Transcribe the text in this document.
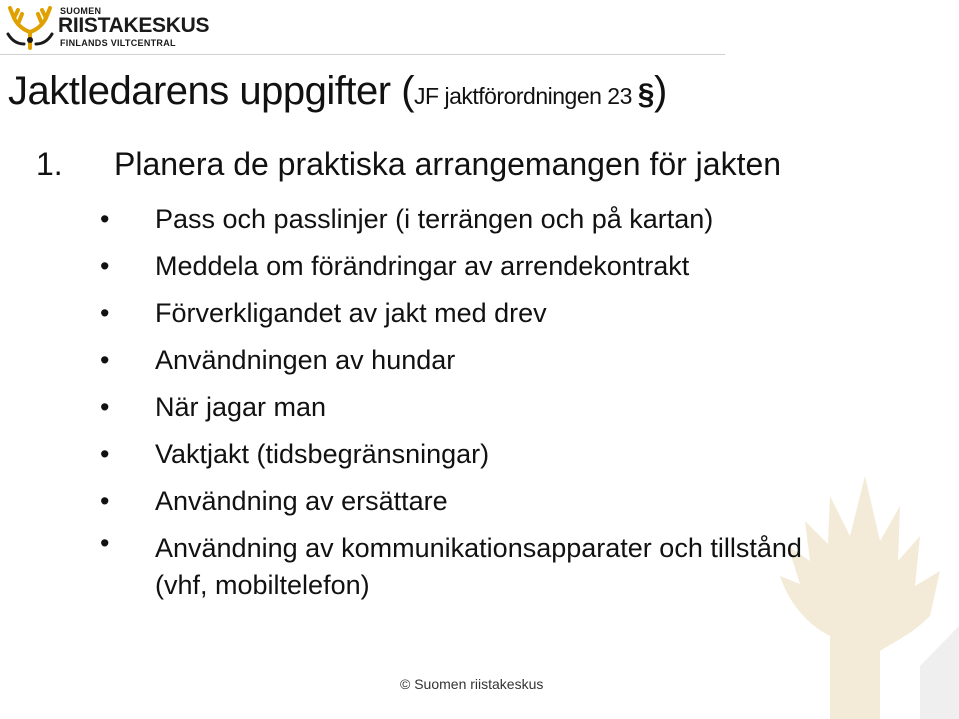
SUOMEN
RIISTAKESKUS
FINLANDS VILTCENTRAL
Jaktledarens uppgifter (JF jaktförordningen 23 §)
1. Planera de praktiska arrangemangen för jakten
• Pass och passlinjer (i terrängen och på kartan)
• Meddela om förändringar av arrendekontrakt
• Förverkligandet av jakt med drev
• Användningen av hundar
• När jagar man
• Vaktjakt (tidsbegränsningar)
• Användning av ersättare
• Användning av kommunikationsapparater och tillstånd
(vhf, mobiltelefon)
© Suomen riistakeskus
